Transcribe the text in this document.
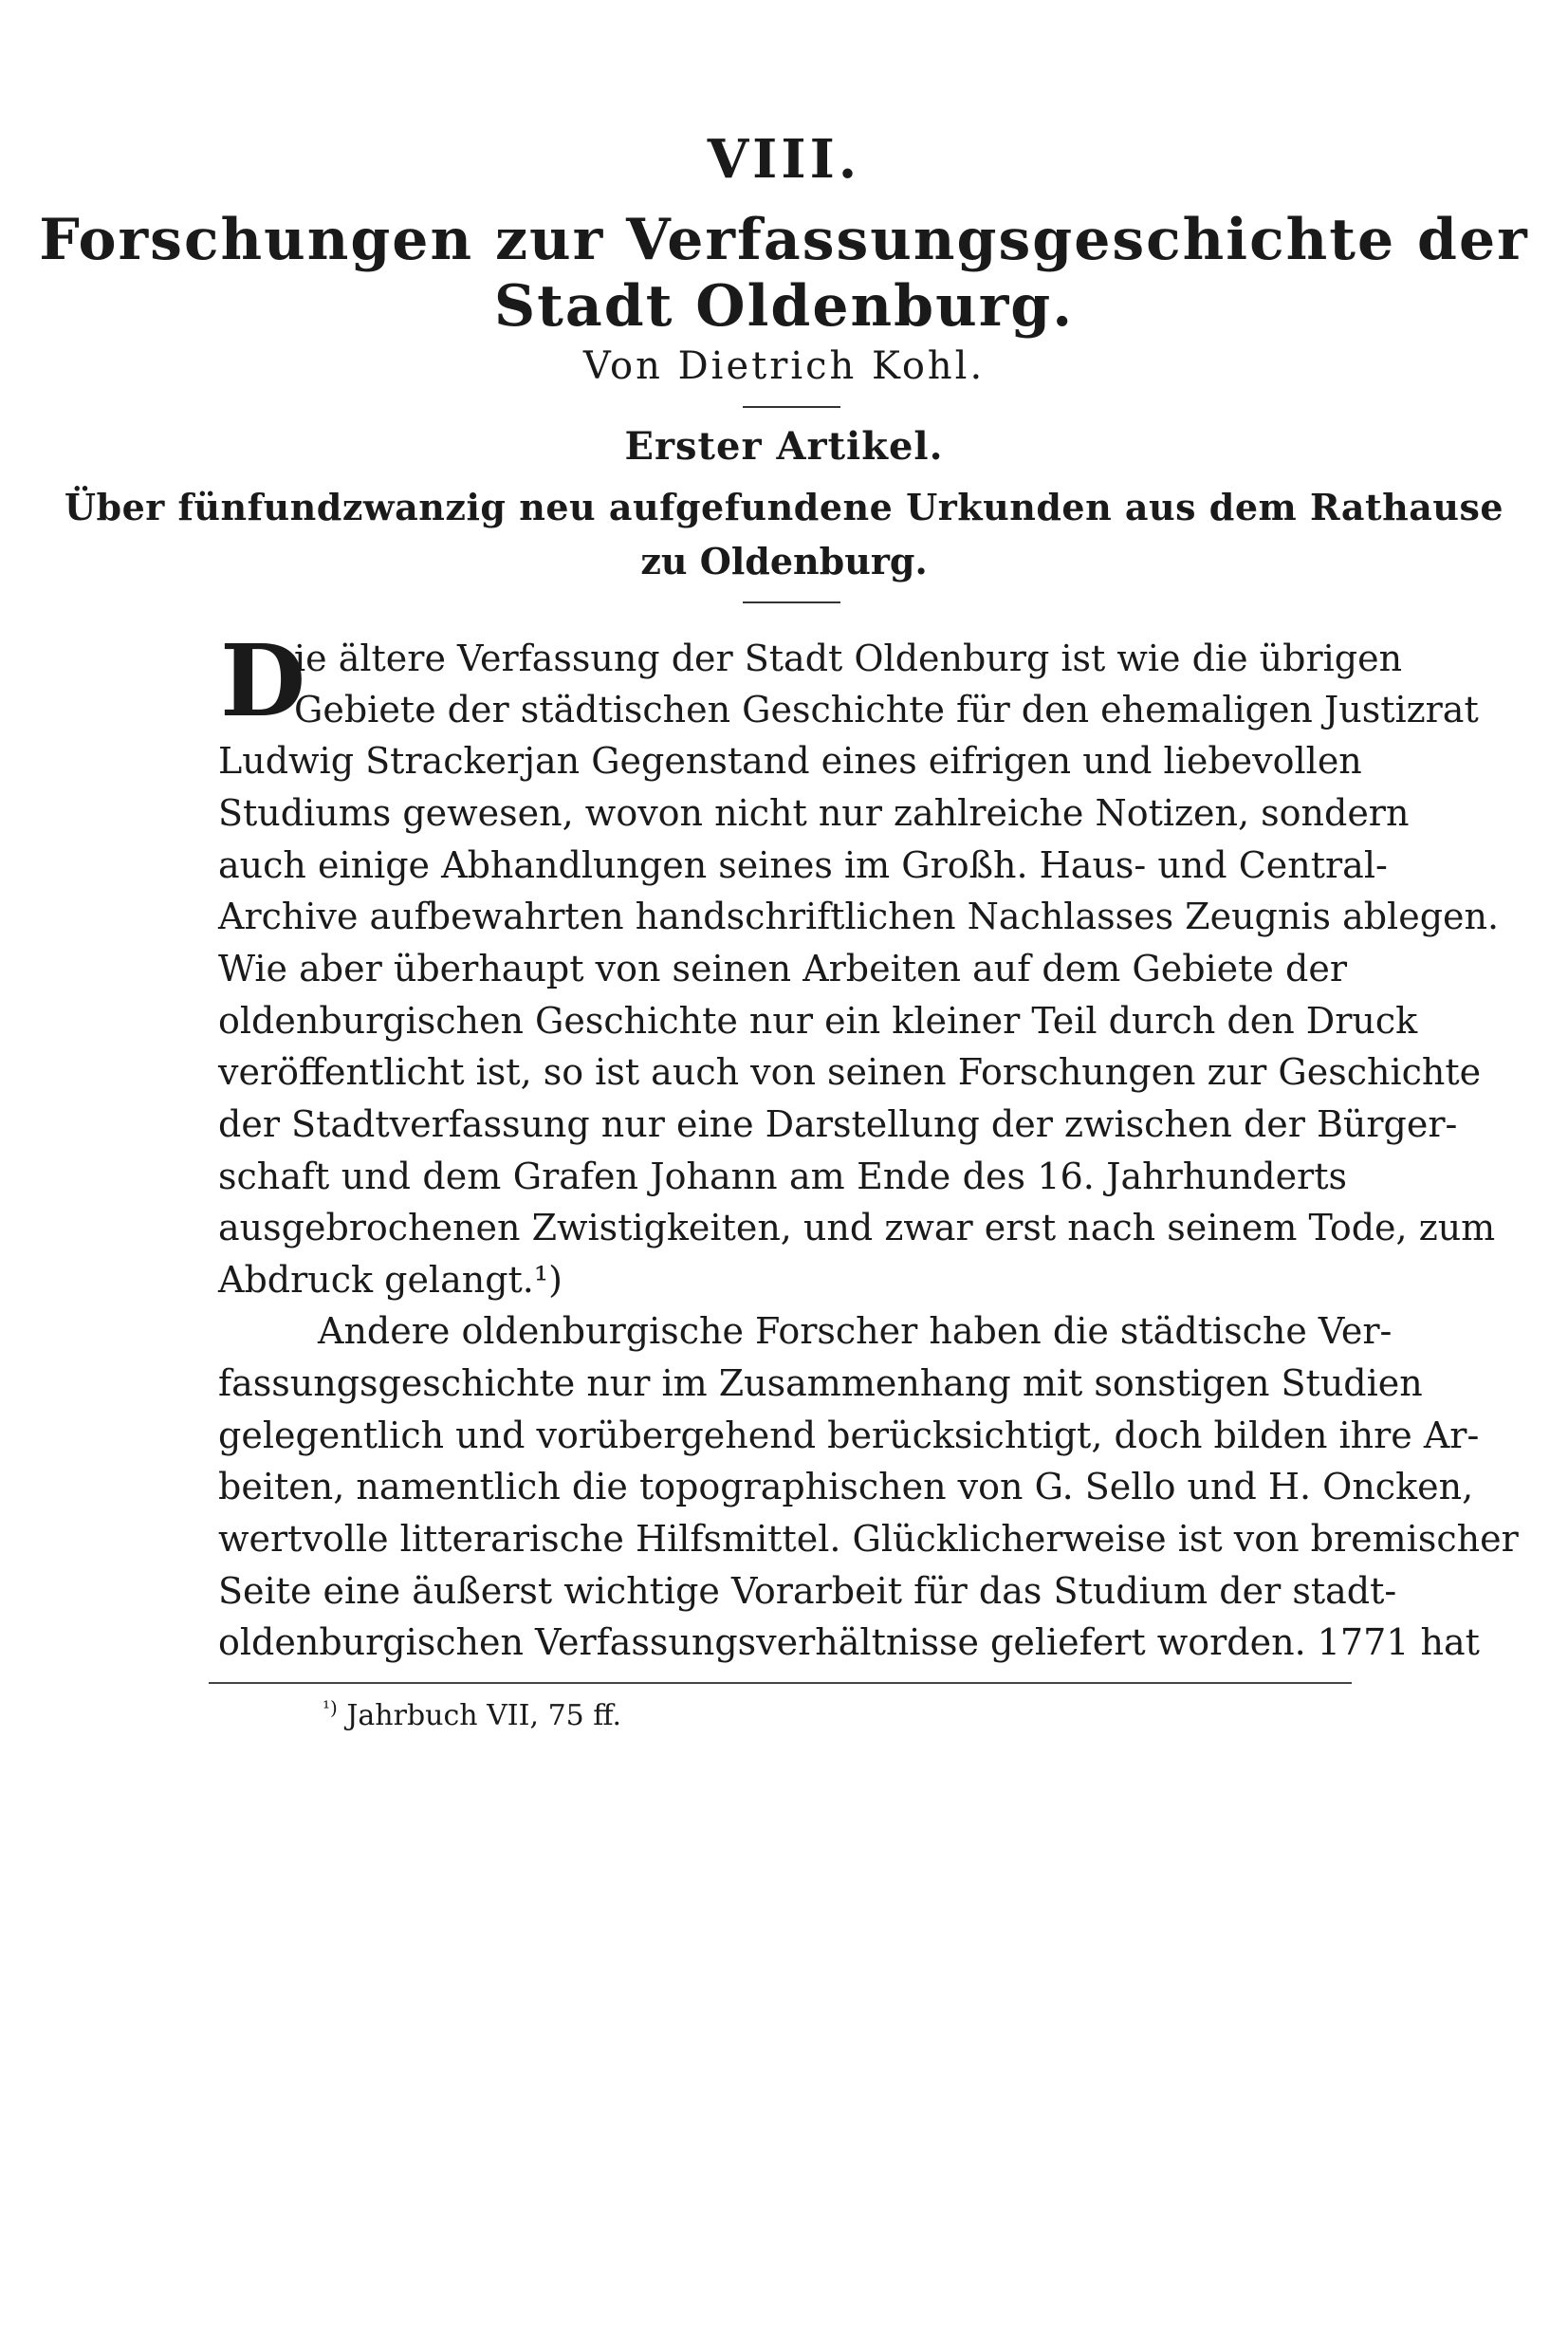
VIII.
Forschungen zur Verfassungsgeschichte der
Stadt Oldenburg.
Von Dietrich Kohl.
Erster Artikel.
Über fünfundzwanzig neu aufgefundene Urkunden aus dem Rathause
zu Oldenburg.
D
ie ältere Verfassung der Stadt Oldenburg ist wie die übrigen
Gebiete der städtischen Geschichte für den ehemaligen Justizrat
Ludwig Strackerjan Gegenstand eines eifrigen und liebevollen
Studiums gewesen, wovon nicht nur zahlreiche Notizen, sondern
auch einige Abhandlungen seines im Großh. Haus- und Central-
Archive aufbewahrten handschriftlichen Nachlasses Zeugnis ablegen.
Wie aber überhaupt von seinen Arbeiten auf dem Gebiete der
oldenburgischen Geschichte nur ein kleiner Teil durch den Druck
veröffentlicht ist, so ist auch von seinen Forschungen zur Geschichte
der Stadtverfassung nur eine Darstellung der zwischen der Bürger-
schaft und dem Grafen Johann am Ende des 16. Jahrhunderts
ausgebrochenen Zwistigkeiten, und zwar erst nach seinem Tode, zum
Abdruck gelangt.¹)
Andere oldenburgische Forscher haben die städtische Ver-
fassungsgeschichte nur im Zusammenhang mit sonstigen Studien
gelegentlich und vorübergehend berücksichtigt, doch bilden ihre Ar-
beiten, namentlich die topographischen von G. Sello und H. Oncken,
wertvolle litterarische Hilfsmittel. Glücklicherweise ist von bremischer
Seite eine äußerst wichtige Vorarbeit für das Studium der stadt-
oldenburgischen Verfassungsverhältnisse geliefert worden. 1771 hat
$^{^1)}$ Jahrbuch VII, 75 ff.
